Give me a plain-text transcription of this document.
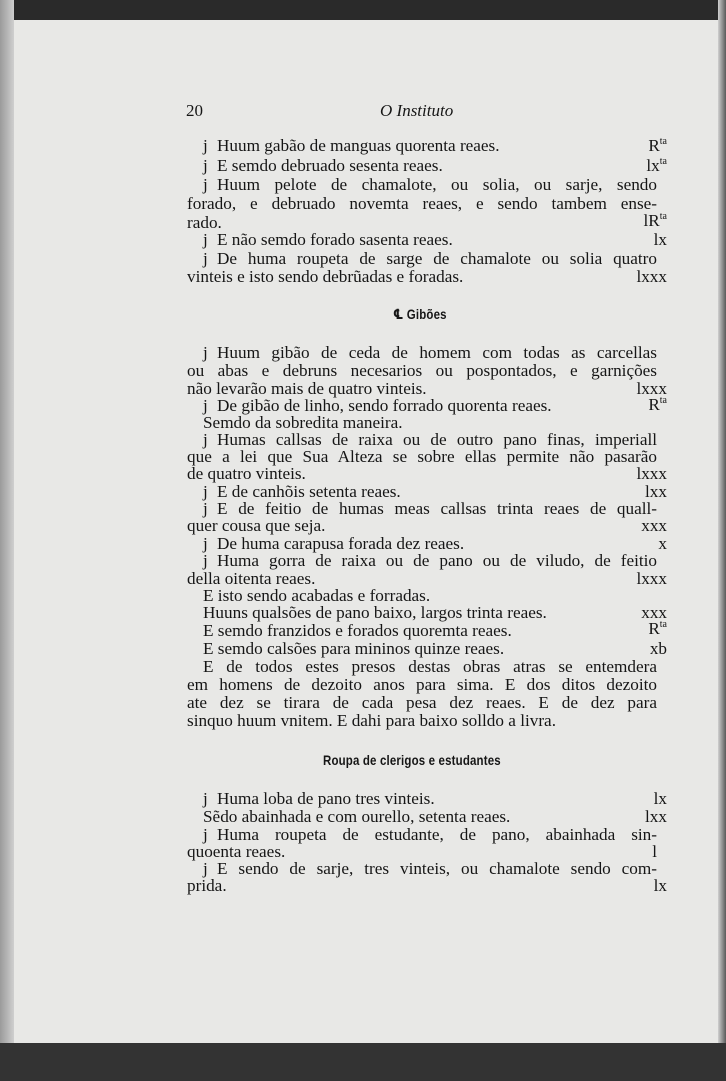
20	O Instituto
j Huum gabão de manguas quorenta reaes.	$R^{ta}$
j E semdo debruado sesenta reaes.	$lx^{ta}$
j Huum pelote de chamalote, ou solia, ou sarje, sendo
forado, e debruado novemta reaes, e sendo tambem ense-
rado.	$lR^{ta}$
j E não semdo forado sasenta reaes.	lx
j De huma roupeta de sarge de chamalote ou solia quatro
vinteis e isto sendo debrũadas e foradas.	lxxx
℄ Gibões
j Huum gibão de ceda de homem com todas as carcellas
ou abas e debruns necesarios ou pospontados, e garnições
não levarão mais de quatro vinteis.	lxxx
j De gibão de linho, sendo forrado quorenta reaes.	$R^{ta}$
Semdo da sobredita maneira.
j Humas callsas de raixa ou de outro pano finas, imperiall
que a lei que Sua Alteza se sobre ellas permite não pasarão
de quatro vinteis.	lxxx
j E de canhõis setenta reaes.	lxx
j E de feitio de humas meas callsas trinta reaes de quall-
quer cousa que seja.	xxx
j De huma carapusa forada dez reaes.	x
j Huma gorra de raixa ou de pano ou de viludo, de feitio
della oitenta reaes.	lxxx
E isto sendo acabadas e forradas.
Huuns qualsões de pano baixo, largos trinta reaes.	xxx
E semdo franzidos e forados quoremta reaes.	$R^{ta}$
E semdo calsões para mininos quinze reaes.	xb
E de todos estes presos destas obras atras se entemdera
em homens de dezoito anos para sima. E dos ditos dezoito
ate dez se tirara de cada pesa dez reaes. E de dez para
sinquo huum vnitem. E dahi para baixo solldo a livra.
Roupa de clerigos e estudantes
j Huma loba de pano tres vinteis.	lx
Sẽdo abainhada e com ourello, setenta reaes.	lxx
j Huma roupeta de estudante, de pano, abainhada sin-
quoenta reaes.	l
j E sendo de sarje, tres vinteis, ou chamalote sendo com-
prida.	lx
